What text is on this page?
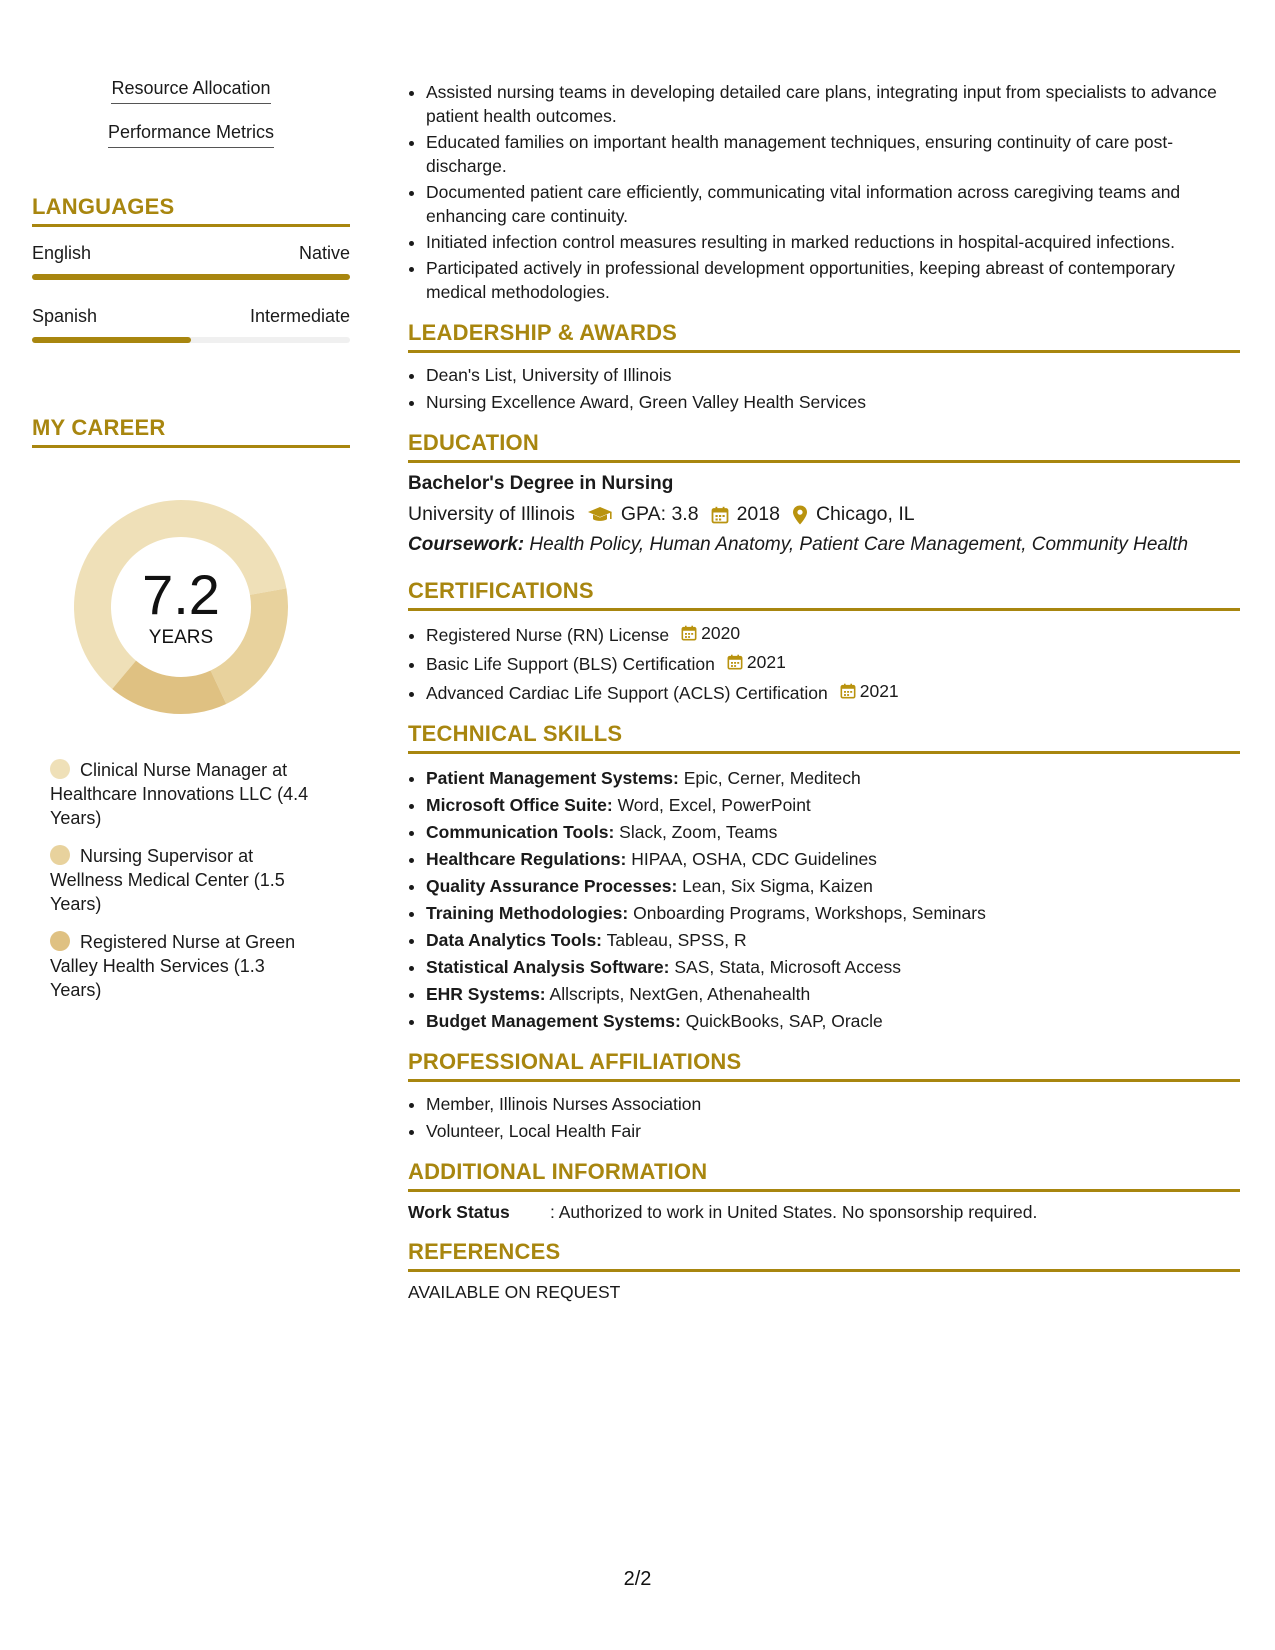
Resource Allocation
Performance Metrics
LANGUAGES
English	Native
Spanish	Intermediate
MY CAREER
7.2
YEARS
Clinical Nurse Manager at Healthcare Innovations LLC (4.4 Years)
Nursing Supervisor at Wellness Medical Center (1.5 Years)
Registered Nurse at Green Valley Health Services (1.3 Years)
• Assisted nursing teams in developing detailed care plans, integrating input from specialists to advance patient health outcomes.
• Educated families on important health management techniques, ensuring continuity of care post-discharge.
• Documented patient care efficiently, communicating vital information across caregiving teams and enhancing care continuity.
• Initiated infection control measures resulting in marked reductions in hospital-acquired infections.
• Participated actively in professional development opportunities, keeping abreast of contemporary medical methodologies.
LEADERSHIP & AWARDS
• Dean's List, University of Illinois
• Nursing Excellence Award, Green Valley Health Services
EDUCATION
Bachelor's Degree in Nursing
University of Illinois GPA: 3.8 2018 Chicago, IL
Coursework: Health Policy, Human Anatomy, Patient Care Management, Community Health
CERTIFICATIONS
• Registered Nurse (RN) License 2020
• Basic Life Support (BLS) Certification 2021
• Advanced Cardiac Life Support (ACLS) Certification 2021
TECHNICAL SKILLS
• Patient Management Systems: Epic, Cerner, Meditech
• Microsoft Office Suite: Word, Excel, PowerPoint
• Communication Tools: Slack, Zoom, Teams
• Healthcare Regulations: HIPAA, OSHA, CDC Guidelines
• Quality Assurance Processes: Lean, Six Sigma, Kaizen
• Training Methodologies: Onboarding Programs, Workshops, Seminars
• Data Analytics Tools: Tableau, SPSS, R
• Statistical Analysis Software: SAS, Stata, Microsoft Access
• EHR Systems: Allscripts, NextGen, Athenahealth
• Budget Management Systems: QuickBooks, SAP, Oracle
PROFESSIONAL AFFILIATIONS
• Member, Illinois Nurses Association
• Volunteer, Local Health Fair
ADDITIONAL INFORMATION
Work Status	: Authorized to work in United States. No sponsorship required.
REFERENCES
AVAILABLE ON REQUEST
2/2
